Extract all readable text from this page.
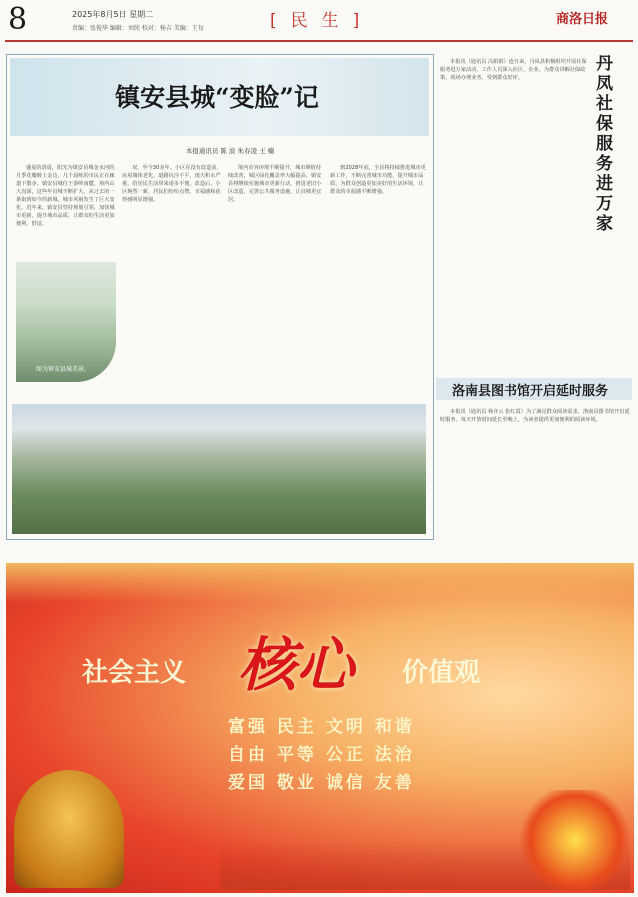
8	2025年8月5日 星期二
责编：张俊华 编辑：刘纯 校对：杨吉 美编：王旬	[民生]	商洛日报
镇安县城“变脸”记
本报通讯员 陈 波 朱春凌 王 楠
盛夏的清晨，阳光为镇安县城金水河的月季花瓣镀上金边，几个晨练的市民正在廊道下散步。镇安县城位于秦岭南麓，境内山大沟深，这些年县城不断扩大，从过去的一条街到如今的新城，城市风貌发生了巨大变化。近年来，镇安县坚持规划引领，加快城市更新，提升城市品质，让群众的生活更加便利、舒适。
双，至今30多年。小区在没有改造前，房屋墙体老化，道路坑洼不平，雨天积水严重，给居民生活带来诸多不便。改造后，小区焕然一新，居民们纷纷点赞，幸福感和获得感明显增强。
境内市容环境不断提升，城市颜值持续改善，城区绿化覆盖率大幅提高。镇安县将继续实施城市更新行动，推进老旧小区改造，完善公共服务设施，让县城更宜居。
到2028年底，全县将持续推进城市更新工作，不断完善城市功能，提升城市品质，为群众创造更加美好的生活环境，让群众的幸福感不断增强。
图为镇安县城美景。
本报讯（通讯员 冯娟娟）连日来，丹凤县积极组织开展社保服务进万家活动，工作人员深入社区、企业，为群众讲解社保政策，现场办理业务，受到群众好评。
丹凤社保服务进万家
洛南县图书馆开启延时服务
本报讯（通讯员 杨齐云 张红霞）为了满足群众阅读需求，洛南县图书馆开启延时服务，每天开放时间延长至晚上，为读者提供更加便利的阅读环境。
社会主义 核心 价值观
富强 民主 文明 和谐
自由 平等 公正 法治
爱国 敬业 诚信 友善
